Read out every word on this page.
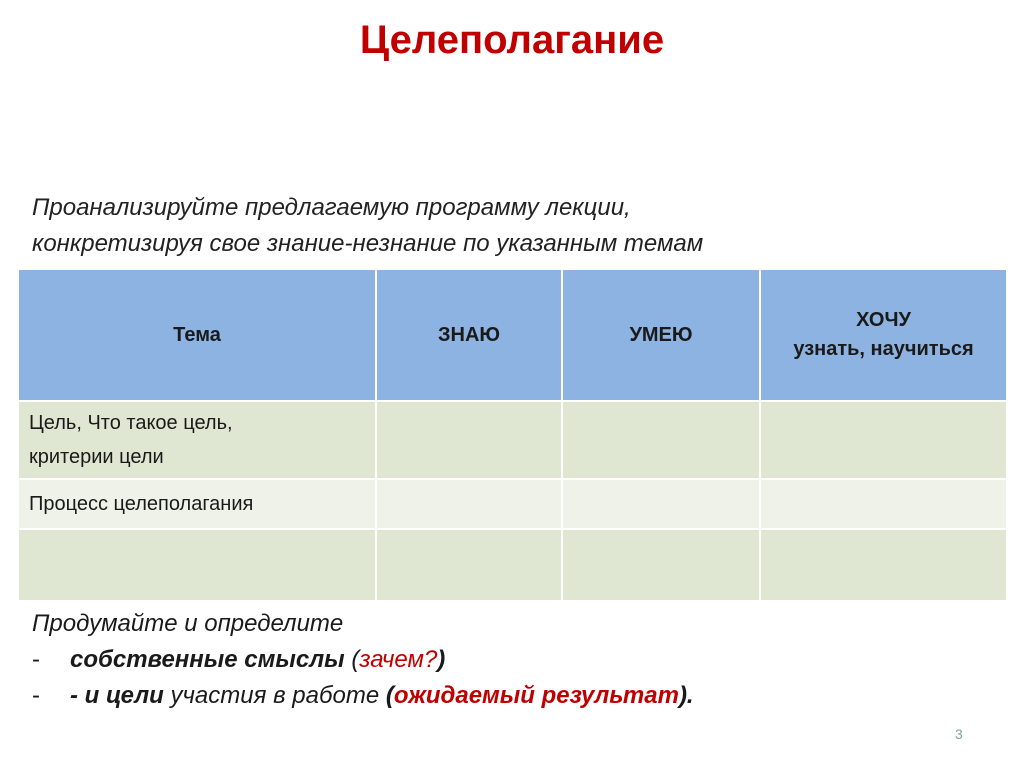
Целеполагание
Проанализируйте предлагаемую программу лекции,
конкретизируя свое знание-незнание по указанным темам
Тема	ЗНАЮ	УМЕЮ	ХОЧУ
узнать, научиться

Цель, Что такое цель,
критерии цели			

Процесс целеполагания			

Продумайте и определите
- собственные смыслы (зачем?)
- - и цели участия в работе (ожидаемый результат).
3
